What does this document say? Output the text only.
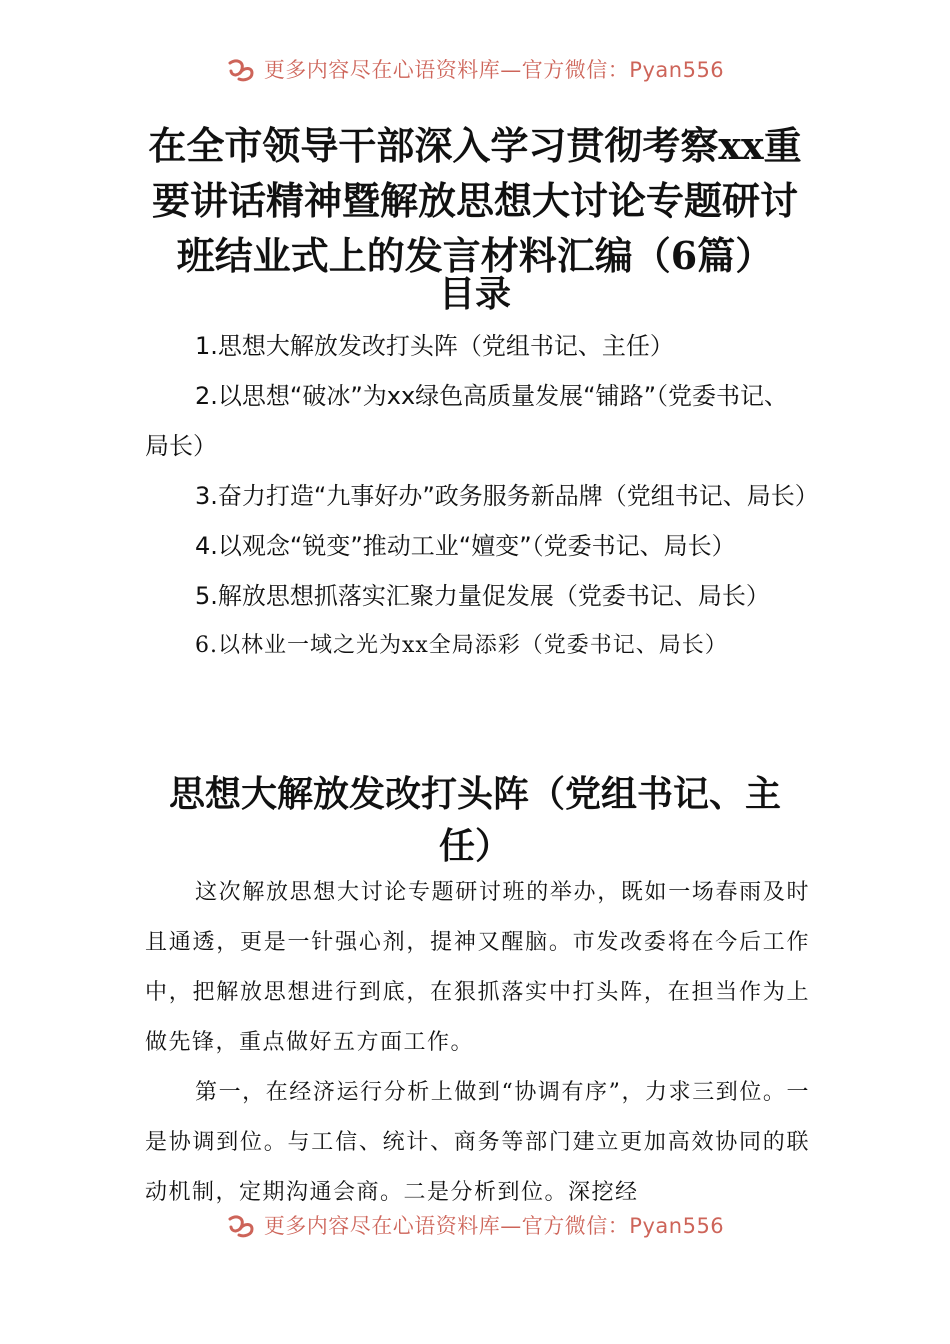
更多内容尽在心语资料库—官方微信：Pyan556
在全市领导干部深入学习贯彻考察xx重要讲话精神暨解放思想大讨论专题研讨班结业式上的发言材料汇编（6篇）
目录
1.思想大解放发改打头阵（党组书记、主任）
2.以思想“破冰”为xx绿色高质量发展“铺路”（党委书记、局长）
3.奋力打造“九事好办”政务服务新品牌（党组书记、局长）
4.以观念“锐变”推动工业“嬗变”（党委书记、局长）
5.解放思想抓落实汇聚力量促发展（党委书记、局长）
6.以林业一域之光为xx全局添彩（党委书记、局长）
思想大解放发改打头阵（党组书记、主任）

这次解放思想大讨论专题研讨班的举办，既如一场春雨及时且通透，更是一针强心剂，提神又醒脑。市发改委将在今后工作中，把解放思想进行到底，在狠抓落实中打头阵，在担当作为上做先锋，重点做好五方面工作。

第一，在经济运行分析上做到“协调有序”，力求三到位。一是协调到位。与工信、统计、商务等部门建立更加高效协同的联动机制，定期沟通会商。二是分析到位。深挖经

更多内容尽在心语资料库—官方微信：Pyan556
